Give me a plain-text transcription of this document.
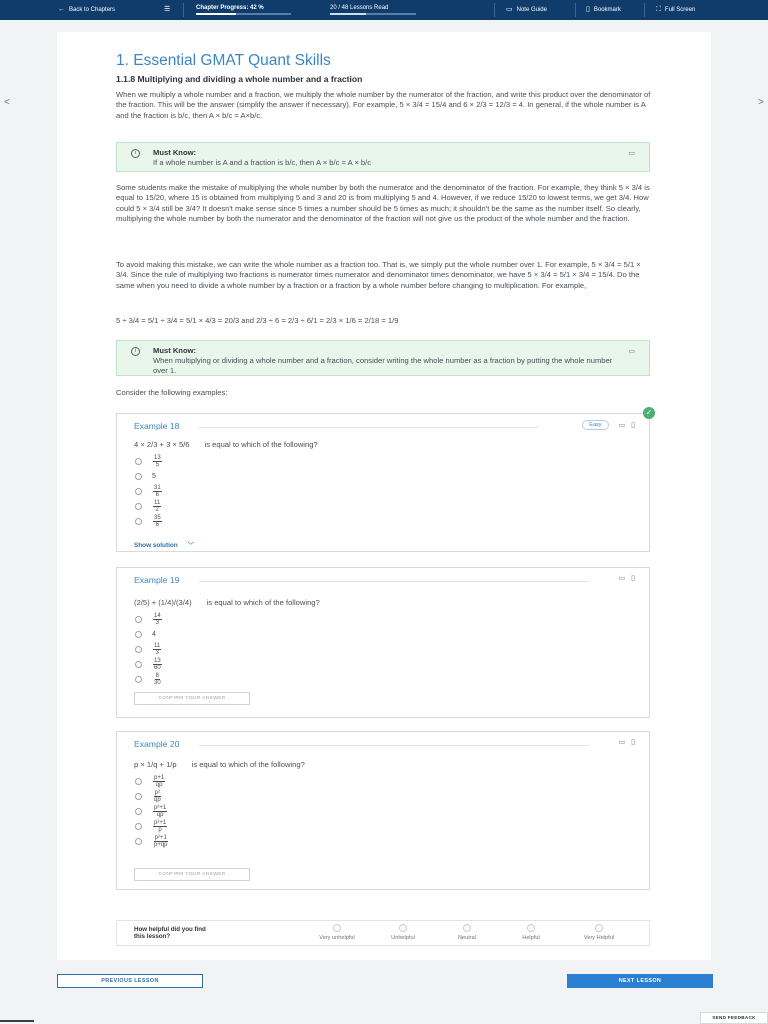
← Back to Chapters	☰	Chapter Progress: 42 %	20 / 48 Lessons Read	▭ Note Guide	▯ Bookmark	⛶ Full Screen
<	>
1. Essential GMAT Quant Skills
1.1.8 Multiplying and dividing a whole number and a fraction

When we multiply a whole number and a fraction, we multiply the whole number by the numerator of the fraction, and write this product over the denominator of the fraction. This will be the answer (simplify the answer if necessary). For example, 5 × 3/4 = 15/4 and 6 × 2/3 = 12/3 = 4. In general, if the whole number is A and the fraction is b/c, then A × b/c = A×b/c.

i	Must Know:
If a whole number is A and a fraction is b/c, then A × b/c = A × b/c
▭

Some students make the mistake of multiplying the whole number by both the numerator and the denominator of the fraction. For example, they think 5 × 3/4 is equal to 15/20, where 15 is obtained from multiplying 5 and 3 and 20 is from multiplying 5 and 4. However, if we reduce 15/20 to lowest terms, we get 3/4. How could 5 × 3/4 still be 3/4? It doesn't make sense since 5 times a number should be 5 times as much; it shouldn't be the same as the number itself. So clearly, multiplying the whole number by both the numerator and the denominator of the fraction will not give us the product of the whole number and the fraction.

To avoid making this mistake, we can write the whole number as a fraction too. That is, we simply put the whole number over 1. For example, 5 × 3/4 = 5/1 × 3/4. Since the rule of multiplying two fractions is numerator times numerator and denominator times denominator, we have 5 × 3/4 = 5/1 × 3/4 = 15/4. Do the same when you need to divide a whole number by a fraction or a fraction by a whole number before changing to multiplication. For example,

5 ÷ 3/4 = 5/1 ÷ 3/4 = 5/1 × 4/3 = 20/3 and 2/3 ÷ 6 = 2/3 ÷ 6/1 = 2/3 × 1/6 = 2/18 = 1/9

i	Must Know:
When multiplying or dividing a whole number and a fraction, consider writing the whole number as a fraction by putting the whole number over 1.
▭

Consider the following examples:

✓
Example 18	Easy	▭ ▯
4 × 2/3 + 3 × 5/6 is equal to which of the following?
$\frac{13}{5}$
5
$\frac{31}{6}$
$\frac{11}{2}$
$\frac{35}{6}$
Show solution ﹀
Example 19	▭ ▯
(2/5) + (1/4)/(3/4) is equal to which of the following?
$\frac{14}{3}$
4
$\frac{11}{3}$
$\frac{13}{60}$
$\frac{8}{30}$
CONFIRM YOUR ANSWER
Example 20	▭ ▯
p × 1/q + 1/p is equal to which of the following?
$\frac{p+1}{qp}$
$\frac{\text{p²}}{qp}$
$\frac{\text{p²+1}}{qp}$
$\frac{\text{p²+1}}{p}$
$\frac{\text{p²+1}}{p+qp}$
CONFIRM YOUR ANSWER
How helpful did you find this lesson?	Very unhelpful	Unhelpful	Neutral	Helpful	Very Helpful
PREVIOUS LESSON	NEXT LESSON
SEND FEEDBACK
